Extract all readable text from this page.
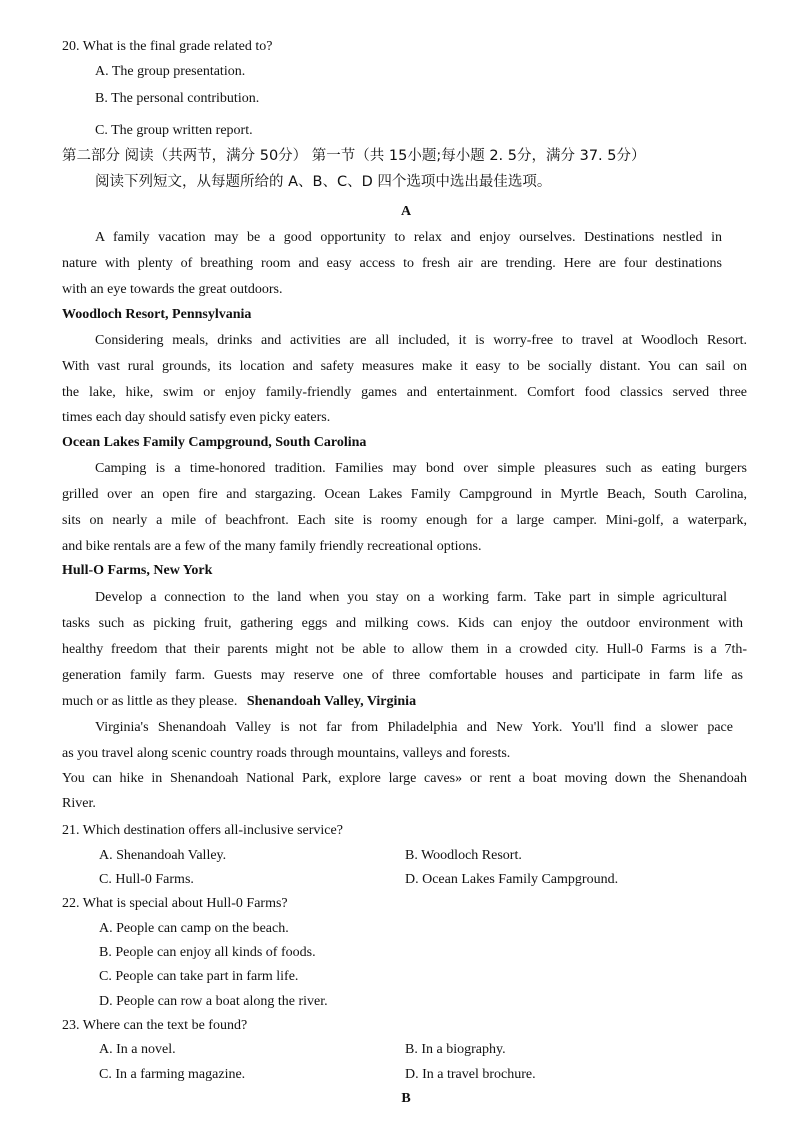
20. What is the final grade related to?
A. The group presentation.
B. The personal contribution.
C. The group written report.
第二部分 阅读（共两节，满分 50分） 第一节（共 15小题;每小题 2. 5分，满分 37. 5分）
阅读下列短文，从每题所给的 A、B、C、D 四个选项中选出最佳选项。
A
A family vacation may be a good opportunity to relax and enjoy ourselves. Destinations nestled in
nature with plenty of breathing room and easy access to fresh air are trending. Here are four destinations
with an eye towards the great outdoors.
Woodloch Resort, Pennsylvania
Considering meals, drinks and activities are all included, it is worry-free to travel at Woodloch Resort.
With vast rural grounds, its location and safety measures make it easy to be socially distant. You can sail on
the lake, hike, swim or enjoy family-friendly games and entertainment. Comfort food classics served three
times each day should satisfy even picky eaters.
Ocean Lakes Family Campground, South Carolina
Camping is a time-honored tradition. Families may bond over simple pleasures such as eating burgers
grilled over an open fire and stargazing. Ocean Lakes Family Campground in Myrtle Beach, South Carolina,
sits on nearly a mile of beachfront. Each site is roomy enough for a large camper. Mini-golf, a waterpark,
and bike rentals are a few of the many family friendly recreational options.
Hull-O Farms, New York
Develop a connection to the land when you stay on a working farm. Take part in simple agricultural
tasks such as picking fruit, gathering eggs and milking cows. Kids can enjoy the outdoor environment with
healthy freedom that their parents might not be able to allow them in a crowded city. Hull-0 Farms is a 7th-
generation family farm. Guests may reserve one of three comfortable houses and participate in farm life as
much or as little as they please. Shenandoah Valley, Virginia
Virginia's Shenandoah Valley is not far from Philadelphia and New York. You'll find a slower pace
as you travel along scenic country roads through mountains, valleys and forests.
You can hike in Shenandoah National Park, explore large caves» or rent a boat moving down the Shenandoah
River.
21. Which destination offers all-inclusive service?
A. Shenandoah Valley.	B. Woodloch Resort.
C. Hull-0 Farms.	D. Ocean Lakes Family Campground.
22. What is special about Hull-0 Farms?
A. People can camp on the beach.
B. People can enjoy all kinds of foods.
C. People can take part in farm life.
D. People can row a boat along the river.
23. Where can the text be found?
A. In a novel.	B. In a biography.
C. In a farming magazine.	D. In a travel brochure.
B
